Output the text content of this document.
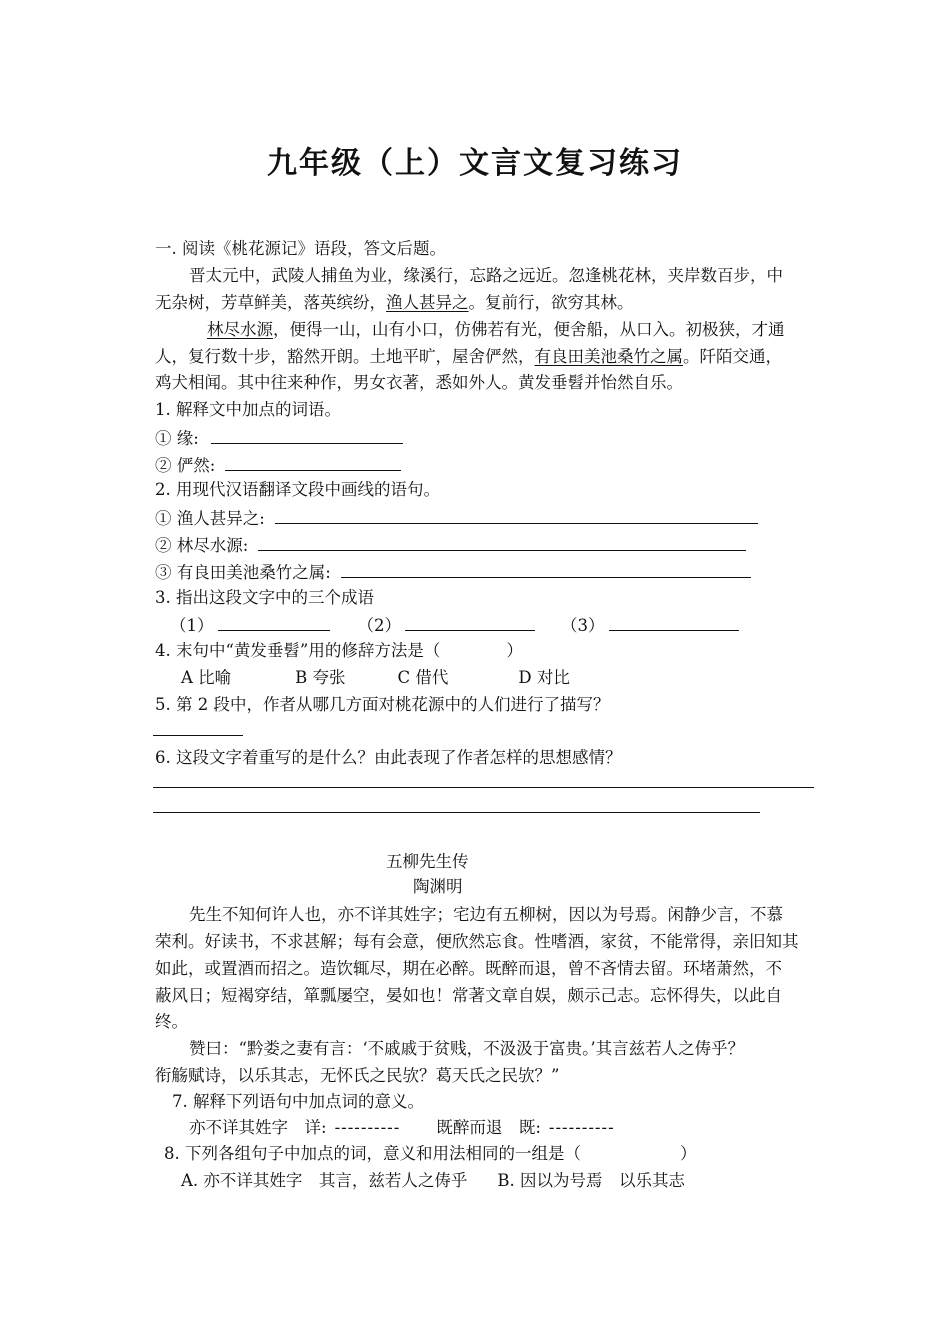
九年级（上）文言文复习练习
一. 阅读《桃花源记》语段，答文后题。
晋太元中，武陵人捕鱼为业，缘溪行，忘路之远近。忽逢桃花林，夹岸数百步，中
无杂树，芳草鲜美，落英缤纷，渔人甚异之。复前行，欲穷其林。
林尽水源，便得一山，山有小口，仿佛若有光，便舍船，从口入。初极狭，才通
人，复行数十步，豁然开朗。土地平旷，屋舍俨然，有良田美池桑竹之属。阡陌交通，
鸡犬相闻。其中往来种作，男女衣著，悉如外人。黄发垂髫并怡然自乐。
1. 解释文中加点的词语。
① 缘:
② 俨然:
2. 用现代汉语翻译文段中画线的语句。
① 渔人甚异之:
② 林尽水源:
③ 有良田美池桑竹之属:
3. 指出这段文字中的三个成语
（1）	（2）	（3）
4. 末句中“黄发垂髫”用的修辞方法是（　　　　）
A 比喻	B 夸张	C 借代	D 对比
5. 第 2 段中，作者从哪几方面对桃花源中的人们进行了描写？
6. 这段文字着重写的是什么？由此表现了作者怎样的思想感情？
五柳先生传
陶渊明
先生不知何许人也，亦不详其姓字；宅边有五柳树，因以为号焉。闲静少言，不慕
荣利。好读书，不求甚解；每有会意，便欣然忘食。性嗜酒，家贫，不能常得，亲旧知其
如此，或置酒而招之。造饮辄尽，期在必醉。既醉而退，曾不吝情去留。环堵萧然，不
蔽风日；短褐穿结，箪瓢屡空，晏如也！常著文章自娱，颇示己志。忘怀得失，以此自
终。
赞曰：“黔娄之妻有言：‘不戚戚于贫贱，不汲汲于富贵。’其言兹若人之俦乎？
衔觞赋诗，以乐其志，无怀氏之民欤？葛天氏之民欤？”
7. 解释下列语句中加点词的意义。
亦不详其姓字　详: ---------- 既醉而退　既: ----------
8. 下列各组句子中加点的词，意义和用法相同的一组是（　　　　　　）
A. 亦不详其姓字　其言，兹若人之俦乎 B. 因以为号焉　以乐其志
